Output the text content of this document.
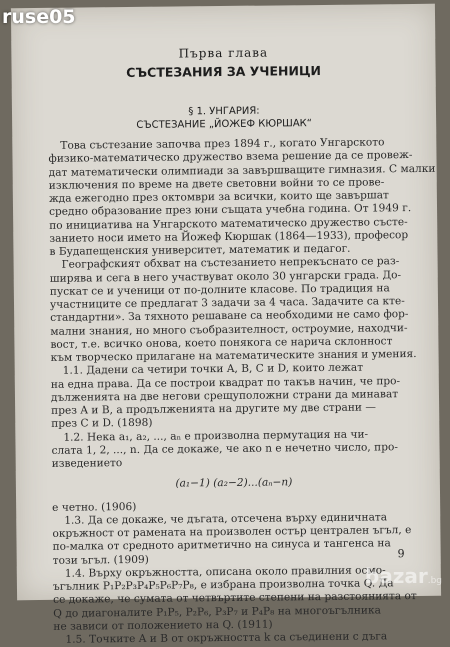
Първа глава
СЪСТЕЗАНИЯ ЗА УЧЕНИЦИ
§ 1. УНГАРИЯ:
СЪСТЕЗАНИЕ „ЙОЖЕФ КЮРШАК“
Това състезание започва през 1894 г., когато Унгарското
физико-математическо дружество взема решение да се провеж-
дат математически олимпиади за завършващите гимназия. С малки
изключения по време на двете световни войни то се прове-
жда ежегодно през октомври за всички, които ще завършат
средно образование през юни същата учебна година. От 1949 г.
по инициатива на Унгарското математическо дружество състе-
занието носи името на Йожеф Кюршак (1864—1933), професор
в Будапещенския университет, математик и педагог.
Географският обхват на състезанието непрекъснато се раз-
ширява и сега в него участвуват около 30 унгарски града. До-
пускат се и ученици от по-долните класове. По традиция на
участниците се предлагат 3 задачи за 4 часа. Задачите са кте-
стандартни». За тяхното решаване са необходими не само фор-
мални знания, но много съобразителност, остроумие, находчи-
вост, т.е. всичко онова, което понякога се нарича склонност
към творческо прилагане на математическите знания и умения.
1.1. Дадени са четири точки A, B, C и D, които лежат
на една права. Да се построи квадрат по такъв начин, че про-
дълженията на две негови срещуположни страни да минават
през A и B, а продълженията на другите му две страни —
през C и D. (1898)
1.2. Нека a₁, a₂, ..., aₙ е произволна пермутация на чи-
слата 1, 2, ..., n. Да се докаже, че ако n е нечетно число, про-
изведението
(a₁−1) (a₂−2)...(aₙ−n)
е четно. (1906)
1.3. Да се докаже, че дъгата, отсечена върху единичната
окръжност от рамената на произволен остър централен ъгъл, е
по-малка от средното аритметично на синуса и тангенса на
този ъгъл. (1909)
1.4. Върху окръжността, описана около правилния осмо-
ъгълник P₁P₂P₃P₄P₅P₆P₇P₈, е избрана произволна точка Q. Да
се докаже, че сумата от четвъртите степени на разстоянията от
Q до диагоналите P₁P₅, P₂P₆, P₃P₇ и P₄P₈ на многоъгълника
не зависи от положението на Q. (1911)
1.5. Точките A и B от окръжността k са съединени с дъга
9
ruse05
bazar.bg
